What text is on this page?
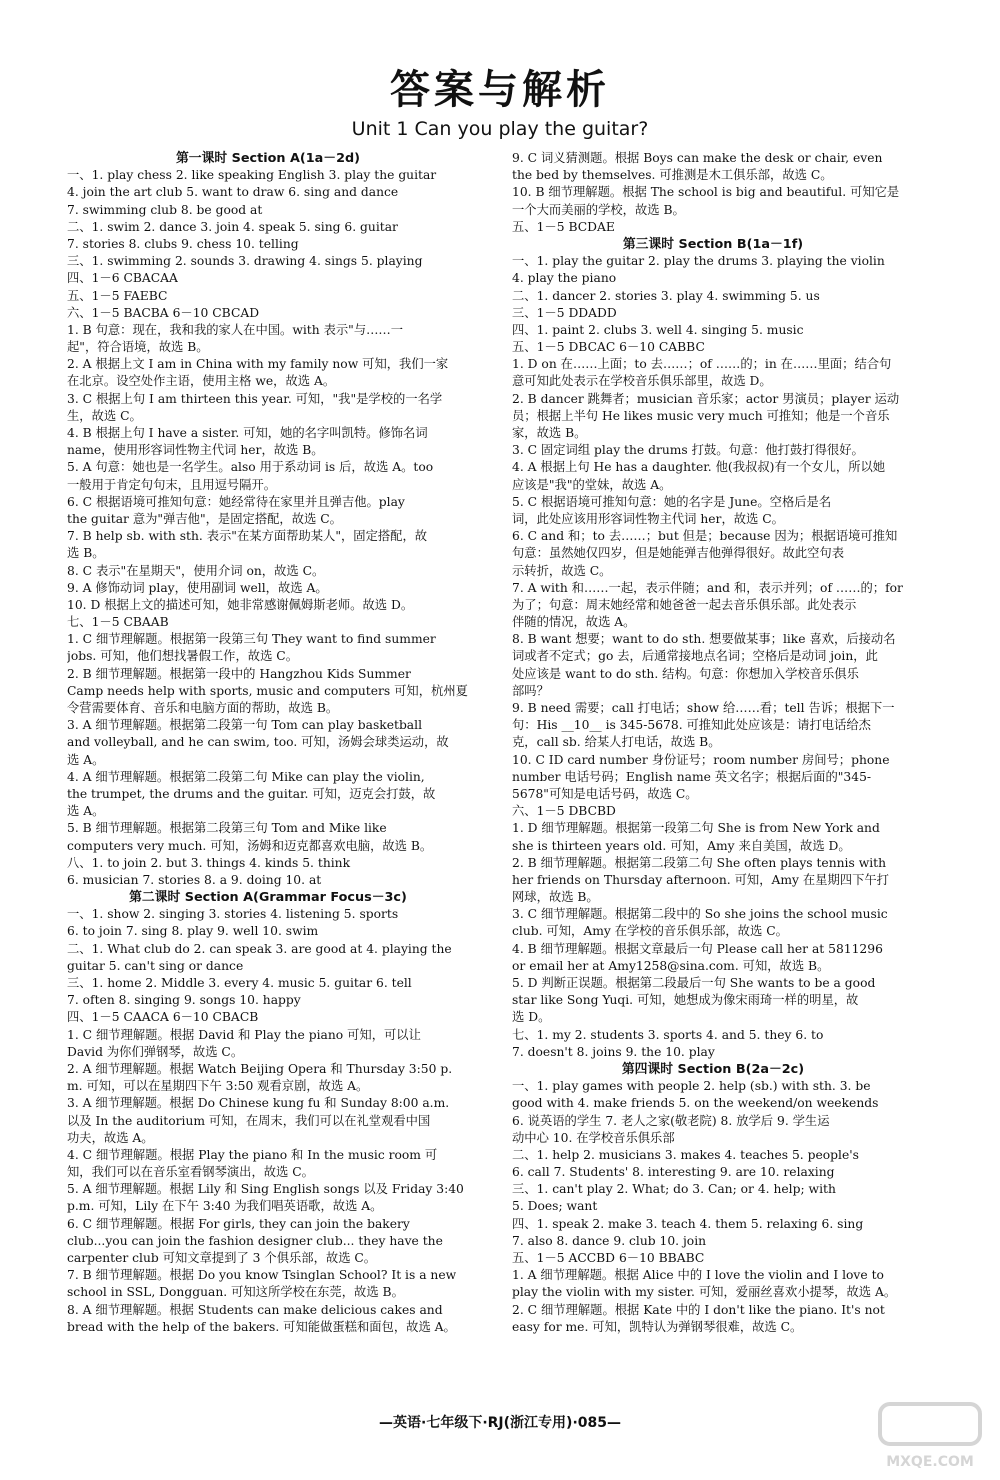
答案与解析
Unit 1 Can you play the guitar?
第一课时 Section A(1a－2d)
一、1. play chess 2. like speaking English 3. play the guitar
4. join the art club 5. want to draw 6. sing and dance
7. swimming club 8. be good at
二、1. swim 2. dance 3. join 4. speak 5. sing 6. guitar
7. stories 8. clubs 9. chess 10. telling
三、1. swimming 2. sounds 3. drawing 4. sings 5. playing
四、1－6 CBACAA
五、1－5 FAEBC
六、1－5 BACBA 6－10 CBCAD
1. B 句意：现在，我和我的家人在中国。with 表示"与……一
起"，符合语境，故选 B。
2. A 根据上文 I am in China with my family now 可知，我们一家
在北京。设空处作主语，使用主格 we，故选 A。
3. C 根据上句 I am thirteen this year. 可知，"我"是学校的一名学
生，故选 C。
4. B 根据上句 I have a sister. 可知，她的名字叫凯特。修饰名词
name，使用形容词性物主代词 her，故选 B。
5. A 句意：她也是一名学生。also 用于系动词 is 后，故选 A。too
一般用于肯定句句末，且用逗号隔开。
6. C 根据语境可推知句意：她经常待在家里并且弹吉他。play
the guitar 意为"弹吉他"，是固定搭配，故选 C。
7. B help sb. with sth. 表示"在某方面帮助某人"，固定搭配，故
选 B。
8. C 表示"在星期天"，使用介词 on，故选 C。
9. A 修饰动词 play，使用副词 well，故选 A。
10. D 根据上文的描述可知，她非常感谢佩姆斯老师。故选 D。
七、1－5 CBAAB
1. C 细节理解题。根据第一段第三句 They want to find summer
jobs. 可知，他们想找暑假工作，故选 C。
2. B 细节理解题。根据第一段中的 Hangzhou Kids Summer
Camp needs help with sports, music and computers 可知，杭州夏
令营需要体育、音乐和电脑方面的帮助，故选 B。
3. A 细节理解题。根据第二段第一句 Tom can play basketball
and volleyball, and he can swim, too. 可知，汤姆会球类运动，故
选 A。
4. A 细节理解题。根据第二段第二句 Mike can play the violin,
the trumpet, the drums and the guitar. 可知，迈克会打鼓，故
选 A。
5. B 细节理解题。根据第二段第三句 Tom and Mike like
computers very much. 可知，汤姆和迈克都喜欢电脑，故选 B。
八、1. to join 2. but 3. things 4. kinds 5. think
6. musician 7. stories 8. a 9. doing 10. at
第二课时 Section A(Grammar Focus－3c)
一、1. show 2. singing 3. stories 4. listening 5. sports
6. to join 7. sing 8. play 9. well 10. swim
二、1. What club do 2. can speak 3. are good at 4. playing the
guitar 5. can't sing or dance
三、1. home 2. Middle 3. every 4. music 5. guitar 6. tell
7. often 8. singing 9. songs 10. happy
四、1－5 CAACA 6－10 CBACB
1. C 细节理解题。根据 David 和 Play the piano 可知，可以让
David 为你们弹钢琴，故选 C。
2. A 细节理解题。根据 Watch Beijing Opera 和 Thursday 3:50 p.
m. 可知，可以在星期四下午 3:50 观看京剧，故选 A。
3. A 细节理解题。根据 Do Chinese kung fu 和 Sunday 8:00 a.m.
以及 In the auditorium 可知，在周末，我们可以在礼堂观看中国
功夫，故选 A。
4. C 细节理解题。根据 Play the piano 和 In the music room 可
知，我们可以在音乐室看钢琴演出，故选 C。
5. A 细节理解题。根据 Lily 和 Sing English songs 以及 Friday 3:40
p.m. 可知，Lily 在下午 3:40 为我们唱英语歌，故选 A。
6. C 细节理解题。根据 For girls, they can join the bakery
club...you can join the fashion designer club... they have the
carpenter club 可知文章提到了 3 个俱乐部，故选 C。
7. B 细节理解题。根据 Do you know Tsinglan School? It is a new
school in SSL, Dongguan. 可知这所学校在东莞，故选 B。
8. A 细节理解题。根据 Students can make delicious cakes and
bread with the help of the bakers. 可知能做蛋糕和面包，故选 A。
9. C 词义猜测题。根据 Boys can make the desk or chair, even
the bed by themselves. 可推测是木工俱乐部，故选 C。
10. B 细节理解题。根据 The school is big and beautiful. 可知它是
一个大而美丽的学校，故选 B。
五、1－5 BCDAE
第三课时 Section B(1a－1f)
一、1. play the guitar 2. play the drums 3. playing the violin
4. play the piano
二、1. dancer 2. stories 3. play 4. swimming 5. us
三、1－5 DDADD
四、1. paint 2. clubs 3. well 4. singing 5. music
五、1－5 DBCAC 6－10 CABBC
1. D on 在……上面；to 去……；of ……的；in 在……里面；结合句
意可知此处表示在学校音乐俱乐部里，故选 D。
2. B dancer 跳舞者；musician 音乐家；actor 男演员；player 运动
员；根据上半句 He likes music very much 可推知；他是一个音乐
家，故选 B。
3. C 固定词组 play the drums 打鼓。句意：他打鼓打得很好。
4. A 根据上句 He has a daughter. 他(我叔叔)有一个女儿，所以她
应该是"我"的堂妹，故选 A。
5. C 根据语境可推知句意：她的名字是 June。空格后是名
词，此处应该用形容词性物主代词 her，故选 C。
6. C and 和；to 去……；but 但是；because 因为；根据语境可推知
句意：虽然她仅四岁，但是她能弹吉他弹得很好。故此空句表
示转折，故选 C。
7. A with 和……一起，表示伴随；and 和，表示并列；of ……的；for
为了；句意：周末她经常和她爸爸一起去音乐俱乐部。此处表示
伴随的情况，故选 A。
8. B want 想要；want to do sth. 想要做某事；like 喜欢，后接动名
词或者不定式；go 去，后通常接地点名词；空格后是动词 join，此
处应该是 want to do sth. 结构。句意：你想加入学校音乐俱乐
部吗？
9. B need 需要；call 打电话；show 给……看；tell 告诉；根据下一
句：His __10__ is 345-5678. 可推知此处应该是：请打电话给杰
克，call sb. 给某人打电话，故选 B。
10. C ID card number 身份证号；room number 房间号；phone
number 电话号码；English name 英文名字；根据后面的"345-
5678"可知是电话号码，故选 C。
六、1－5 DBCBD
1. D 细节理解题。根据第一段第二句 She is from New York and
she is thirteen years old. 可知，Amy 来自美国，故选 D。
2. B 细节理解题。根据第二段第二句 She often plays tennis with
her friends on Thursday afternoon. 可知，Amy 在星期四下午打
网球，故选 B。
3. C 细节理解题。根据第二段中的 So she joins the school music
club. 可知，Amy 在学校的音乐俱乐部，故选 C。
4. B 细节理解题。根据文章最后一句 Please call her at 5811296
or email her at Amy1258@sina.com. 可知，故选 B。
5. D 判断正误题。根据第二段最后一句 She wants to be a good
star like Song Yuqi. 可知，她想成为像宋雨琦一样的明星，故
选 D。
七、1. my 2. students 3. sports 4. and 5. they 6. to
7. doesn't 8. joins 9. the 10. play
第四课时 Section B(2a－2c)
一、1. play games with people 2. help (sb.) with sth. 3. be
good with 4. make friends 5. on the weekend/on weekends
6. 说英语的学生 7. 老人之家(敬老院) 8. 放学后 9. 学生运
动中心 10. 在学校音乐俱乐部
二、1. help 2. musicians 3. makes 4. teaches 5. people's
6. call 7. Students' 8. interesting 9. are 10. relaxing
三、1. can't play 2. What; do 3. Can; or 4. help; with
5. Does; want
四、1. speak 2. make 3. teach 4. them 5. relaxing 6. sing
7. also 8. dance 9. club 10. join
五、1－5 ACCBD 6－10 BBABC
1. A 细节理解题。根据 Alice 中的 I love the violin and I love to
play the violin with my sister. 可知，爱丽丝喜欢小提琴，故选 A。
2. C 细节理解题。根据 Kate 中的 I don't like the piano. It's not
easy for me. 可知，凯特认为弹钢琴很难，故选 C。
—英语·七年级下·RJ(浙江专用)·085—
MXQE.COM
